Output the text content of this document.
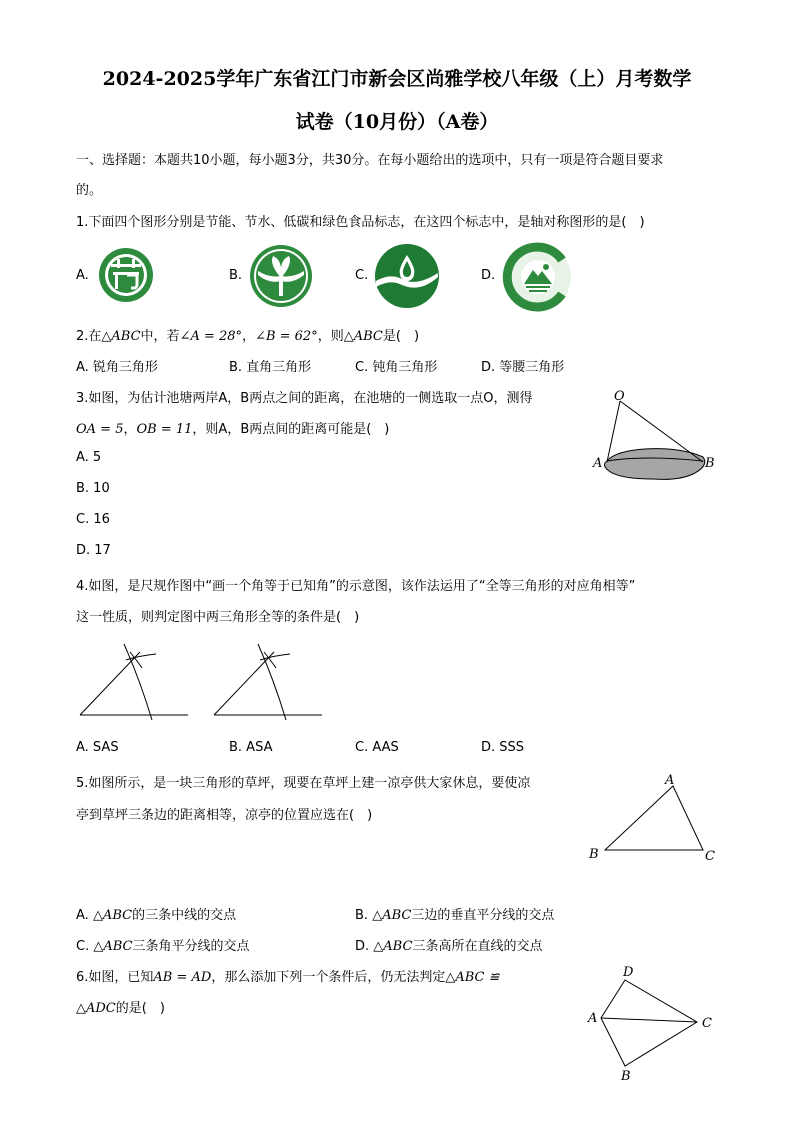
2024-2025学年广东省江门市新会区尚雅学校八年级（上）月考数学
试卷（10月份）（A卷）
一、选择题：本题共10小题，每小题3分，共30分。在每小题给出的选项中，只有一项是符合题目要求
的。
1.下面四个图形分别是节能、节水、低碳和绿色食品标志，在这四个标志中，是轴对称图形的是(　)
A.	B.	C.	D.
2.在△ABC中，若∠A = 28°，∠B = 62°，则△ABC是(　)
A. 锐角三角形	B. 直角三角形	C. 钝角三角形	D. 等腰三角形
3.如图，为估计池塘两岸A，B两点之间的距离，在池塘的一侧选取一点O，测得
OA = 5，OB = 11，则A，B两点间的距离可能是(　)
A. 5
B. 10
C. 16
D. 17
O
A	B
4.如图，是尺规作图中“画一个角等于已知角”的示意图，该作法运用了“全等三角形的对应角相等”
这一性质，则判定图中两三角形全等的条件是(　)
A. SAS	B. ASA	C. AAS	D. SSS
5.如图所示，是一块三角形的草坪，现要在草坪上建一凉亭供大家休息，要使凉
亭到草坪三条边的距离相等，凉亭的位置应选在(　)
A
B	C
A. △ABC的三条中线的交点	B. △ABC三边的垂直平分线的交点
C. △ABC三条角平分线的交点	D. △ABC三条高所在直线的交点
6.如图，已知AB = AD，那么添加下列一个条件后，仍无法判定△ABC ≌
△ADC的是(　)
D
A
B
C
